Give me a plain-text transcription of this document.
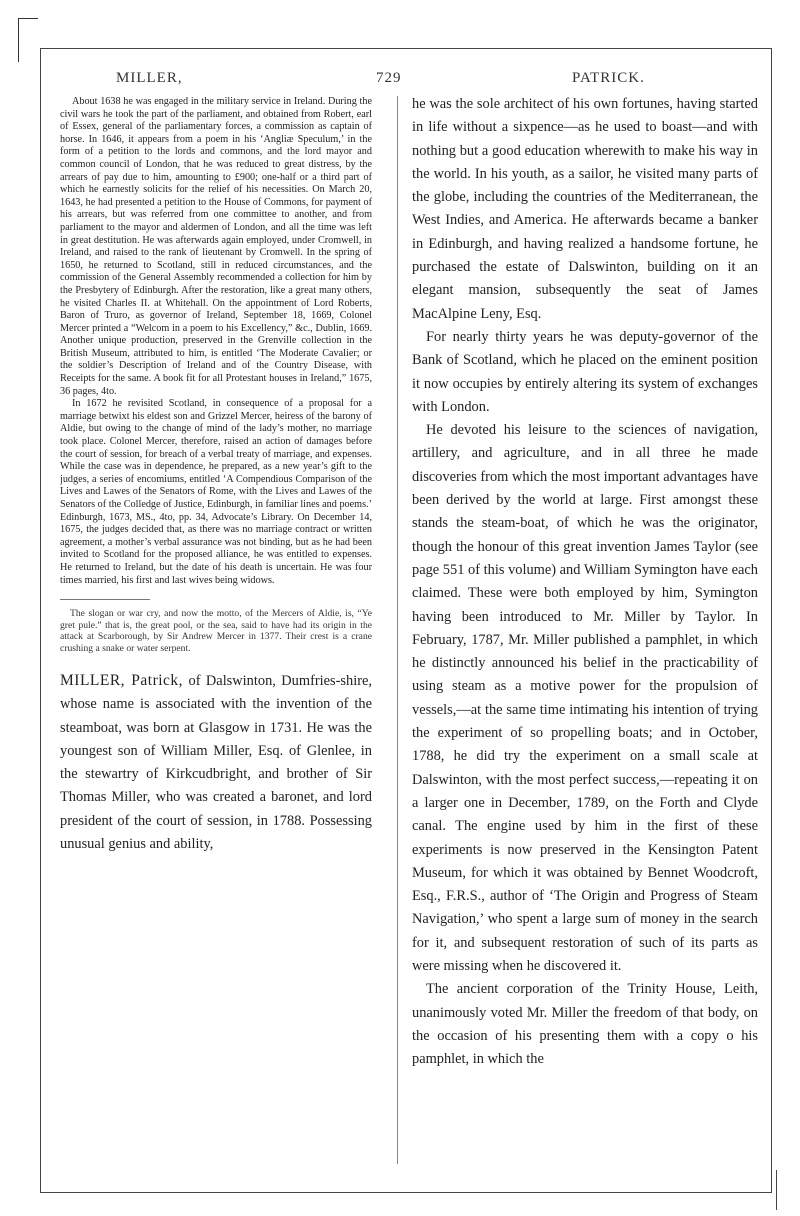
MILLER,	729	PATRICK.

About 1638 he was engaged in the military service in Ireland. During the civil wars he took the part of the parliament, and obtained from Robert, earl of Essex, general of the parliamentary forces, a commission as captain of horse. In 1646, it appears from a poem in his ‘Angliæ Speculum,’ in the form of a petition to the lords and commons, and the lord mayor and common council of London, that he was reduced to great distress, by the arrears of pay due to him, amounting to £900; one-half or a third part of which he earnestly solicits for the relief of his necessities. On March 20, 1643, he had presented a petition to the House of Commons, for payment of his arrears, but was referred from one committee to another, and from parliament to the mayor and aldermen of London, and all the time was left in great destitution. He was afterwards again employed, under Cromwell, in Ireland, and raised to the rank of lieutenant by Cromwell. In the spring of 1650, he returned to Scotland, still in reduced circumstances, and the commission of the General Assembly recommended a collection for him by the Presbytery of Edinburgh. After the restoration, like a great many others, he visited Charles II. at Whitehall. On the appointment of Lord Roberts, Baron of Truro, as governor of Ireland, September 18, 1669, Colonel Mercer printed a “Welcom in a poem to his Excellency,” &c., Dublin, 1669. Another unique production, preserved in the Grenville collection in the British Museum, attributed to him, is entitled ‘The Moderate Cavalier; or the soldier’s Description of Ireland and of the Country Disease, with Receipts for the same. A book fit for all Protestant houses in Ireland,” 1675, 36 pages, 4to.

In 1672 he revisited Scotland, in consequence of a proposal for a marriage betwixt his eldest son and Grizzel Mercer, heiress of the barony of Aldie, but owing to the change of mind of the lady’s mother, no marriage took place. Colonel Mercer, therefore, raised an action of damages before the court of session, for breach of a verbal treaty of marriage, and expenses. While the case was in dependence, he prepared, as a new year’s gift to the judges, a series of encomiums, entitled ‘A Compendious Comparison of the Lives and Lawes of the Senators of Rome, with the Lives and Lawes of the Senators of the Colledge of Justice, Edinburgh, in familiar lines and poems.’ Edinburgh, 1673, MS., 4to, pp. 34, Advocate’s Library. On December 14, 1675, the judges decided that, as there was no marriage contract or written agreement, a mother’s verbal assurance was not binding, but as he had been invited to Scotland for the proposed alliance, he was entitled to expenses. He returned to Ireland, but the date of his death is uncertain. He was four times married, his first and last wives being widows.

The slogan or war cry, and now the motto, of the Mercers of Aldie, is, “Ye gret pule.” that is, the great pool, or the sea, said to have had its origin in the attack at Scarborough, by Sir Andrew Mercer in 1377. Their crest is a crane crushing a snake or water serpent.

MILLER, Patrick, of Dalswinton, Dumfries-shire, whose name is associated with the invention of the steamboat, was born at Glasgow in 1731. He was the youngest son of William Miller, Esq. of Glenlee, in the stewartry of Kirkcudbright, and brother of Sir Thomas Miller, who was created a baronet, and lord president of the court of session, in 1788. Possessing unusual genius and ability,

he was the sole architect of his own fortunes, having started in life without a sixpence—as he used to boast—and with nothing but a good education wherewith to make his way in the world. In his youth, as a sailor, he visited many parts of the globe, including the countries of the Mediterranean, the West Indies, and America. He afterwards became a banker in Edinburgh, and having realized a handsome fortune, he purchased the estate of Dalswinton, building on it an elegant mansion, subsequently the seat of James MacAlpine Leny, Esq.

For nearly thirty years he was deputy-governor of the Bank of Scotland, which he placed on the eminent position it now occupies by entirely altering its system of exchanges with London.

He devoted his leisure to the sciences of navigation, artillery, and agriculture, and in all three he made discoveries from which the most important advantages have been derived by the world at large. First amongst these stands the steam-boat, of which he was the originator, though the honour of this great invention James Taylor (see page 551 of this volume) and William Symington have each claimed. These were both employed by him, Symington having been introduced to Mr. Miller by Taylor. In February, 1787, Mr. Miller published a pamphlet, in which he distinctly announced his belief in the practicability of using steam as a motive power for the propulsion of vessels,—at the same time intimating his intention of trying the experiment of so propelling boats; and in October, 1788, he did try the experiment on a small scale at Dalswinton, with the most perfect success,—repeating it on a larger one in December, 1789, on the Forth and Clyde canal. The engine used by him in the first of these experiments is now preserved in the Kensington Patent Museum, for which it was obtained by Bennet Woodcroft, Esq., F.R.S., author of ‘The Origin and Progress of Steam Navigation,’ who spent a large sum of money in the search for it, and subsequent restoration of such of its parts as were missing when he discovered it.

The ancient corporation of the Trinity House, Leith, unanimously voted Mr. Miller the freedom of that body, on the occasion of his presenting them with a copy o his pamphlet, in which the
